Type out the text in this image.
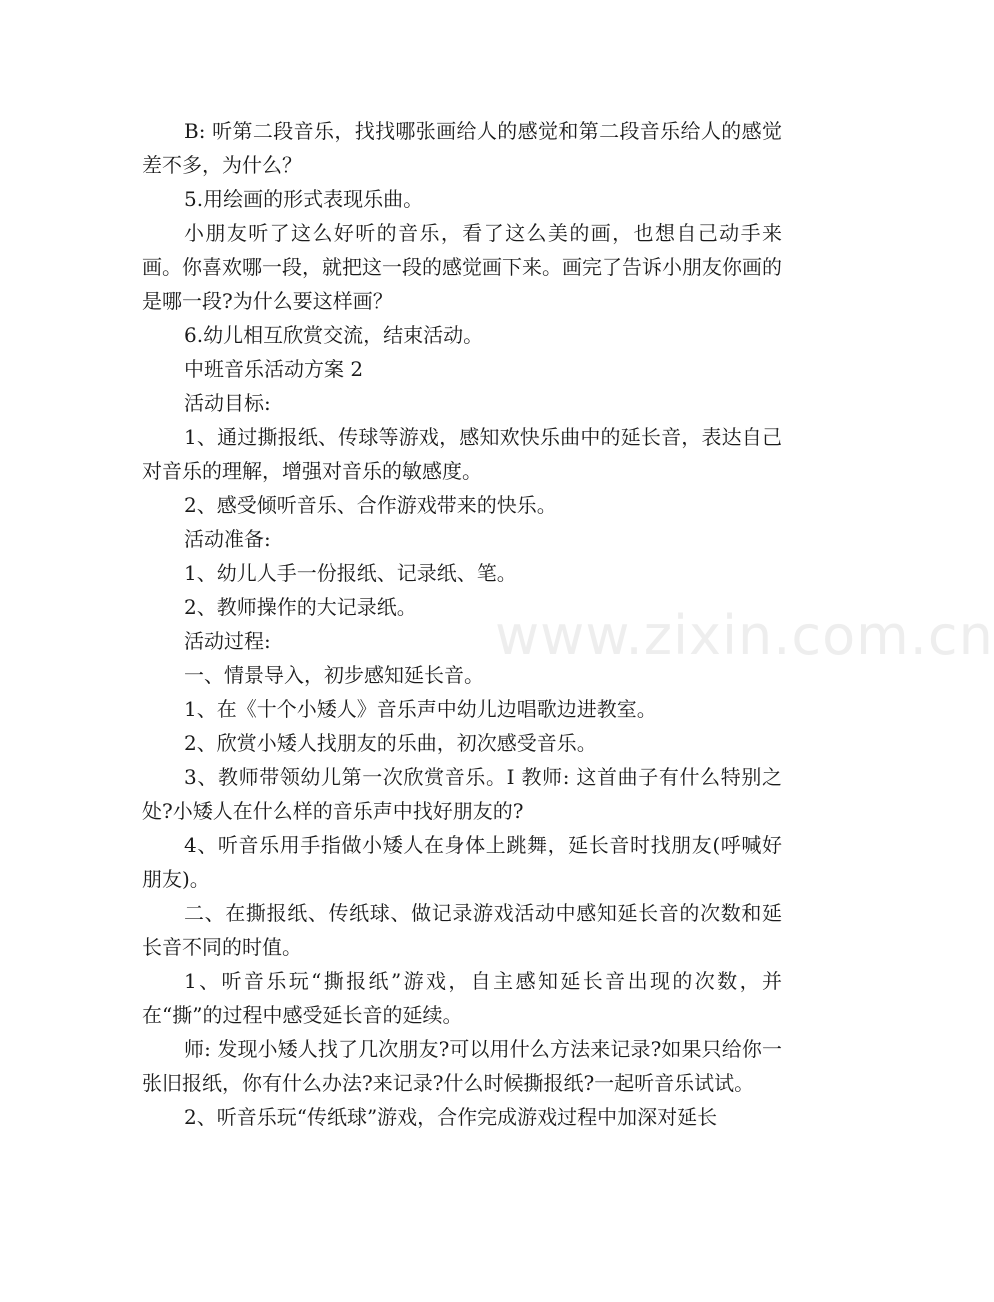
B: 听第二段音乐，找找哪张画给人的感觉和第二段音乐给人的感觉差不多，为什么？

5.用绘画的形式表现乐曲。

小朋友听了这么好听的音乐，看了这么美的画，也想自己动手来画。你喜欢哪一段，就把这一段的感觉画下来。画完了告诉小朋友你画的是哪一段?为什么要这样画？

6.幼儿相互欣赏交流，结束活动。

中班音乐活动方案 2

活动目标:

1、通过撕报纸、传球等游戏，感知欢快乐曲中的延长音，表达自己对音乐的理解，增强对音乐的敏感度。

2、感受倾听音乐、合作游戏带来的快乐。

活动准备:

1、幼儿人手一份报纸、记录纸、笔。

2、教师操作的大记录纸。

活动过程:

一、情景导入，初步感知延长音。

1、在《十个小矮人》音乐声中幼儿边唱歌边进教室。

2、欣赏小矮人找朋友的乐曲，初次感受音乐。

3、教师带领幼儿第一次欣赏音乐。I 教师: 这首曲子有什么特别之处?小矮人在什么样的音乐声中找好朋友的?

4、听音乐用手指做小矮人在身体上跳舞，延长音时找朋友(呼喊好朋友)。

二、在撕报纸、传纸球、做记录游戏活动中感知延长音的次数和延长音不同的时值。

1、听音乐玩“撕报纸”游戏，自主感知延长音出现的次数，并在“撕”的过程中感受延长音的延续。

师: 发现小矮人找了几次朋友?可以用什么方法来记录?如果只给你一张旧报纸，你有什么办法?来记录?什么时候撕报纸?一起听音乐试试。

2、听音乐玩“传纸球”游戏，合作完成游戏过程中加深对延长

www.zixin.com.cn
